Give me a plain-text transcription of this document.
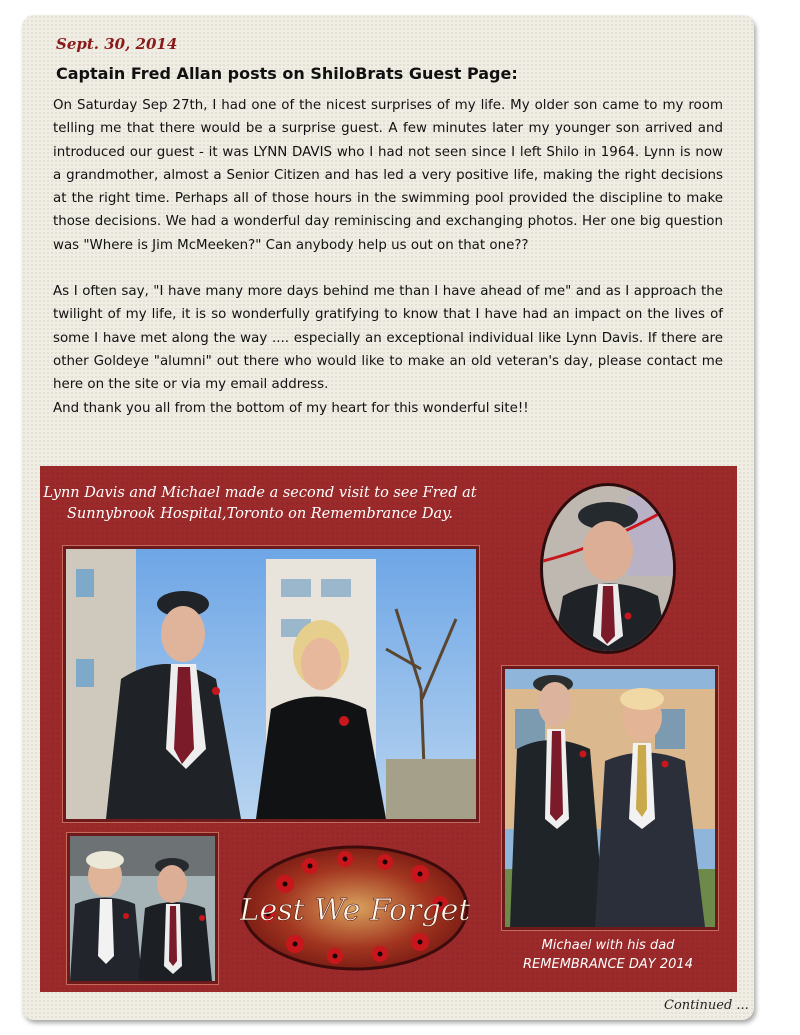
Sept. 30, 2014
Captain Fred Allan posts on ShiloBrats Guest Page:

On Saturday Sep 27th, I had one of the nicest surprises of my life. My older son came to my room telling me that there would be a surprise guest. A few minutes later my younger son arrived and introduced our guest - it was LYNN DAVIS who I had not seen since I left Shilo in 1964. Lynn is now a grandmother, almost a Senior Citizen and has led a very positive life, making the right decisions at the right time. Perhaps all of those hours in the swimming pool provided the discipline to make those decisions. We had a wonderful day reminiscing and exchanging photos. Her one big question was "Where is Jim McMeeken?" Can anybody help us out on that one??

As I often say, "I have many more days behind me than I have ahead of me" and as I approach the twilight of my life, it is so wonderfully gratifying to know that I have had an impact on the lives of some I have met along the way .... especially an exceptional individual like Lynn Davis. If there are other Goldeye "alumni" out there who would like to make an old veteran's day, please contact me here on the site or via my email address.

And thank you all from the bottom of my heart for this wonderful site!!

Lynn Davis and Michael made a second visit to see Fred at
Sunnybrook Hospital,Toronto on Remembrance Day.
Lest We Forget
Michael with his dad
REMEMBRANCE DAY 2014
Continued ...
